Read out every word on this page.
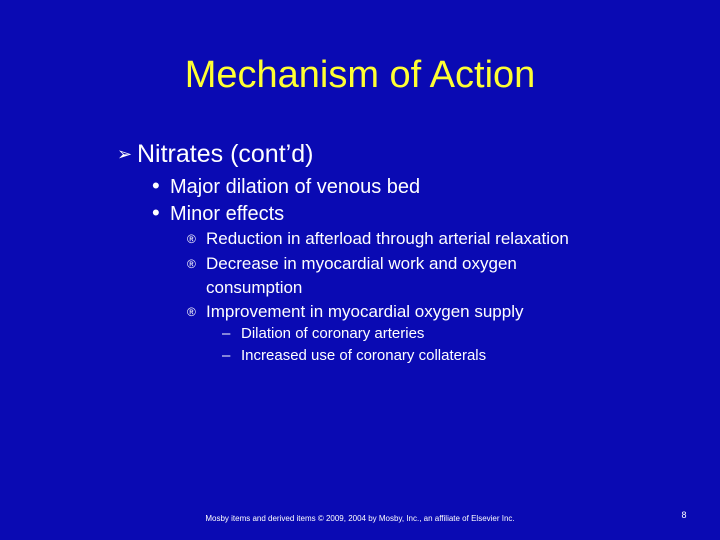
Mechanism of Action
➢ Nitrates (cont’d)
• Major dilation of venous bed
• Minor effects
® Reduction in afterload through arterial relaxation
® Decrease in myocardial work and oxygen
consumption
® Improvement in myocardial oxygen supply
– Dilation of coronary arteries
– Increased use of coronary collaterals
Mosby items and derived items © 2009, 2004 by Mosby, Inc., an affiliate of Elsevier Inc.	8
